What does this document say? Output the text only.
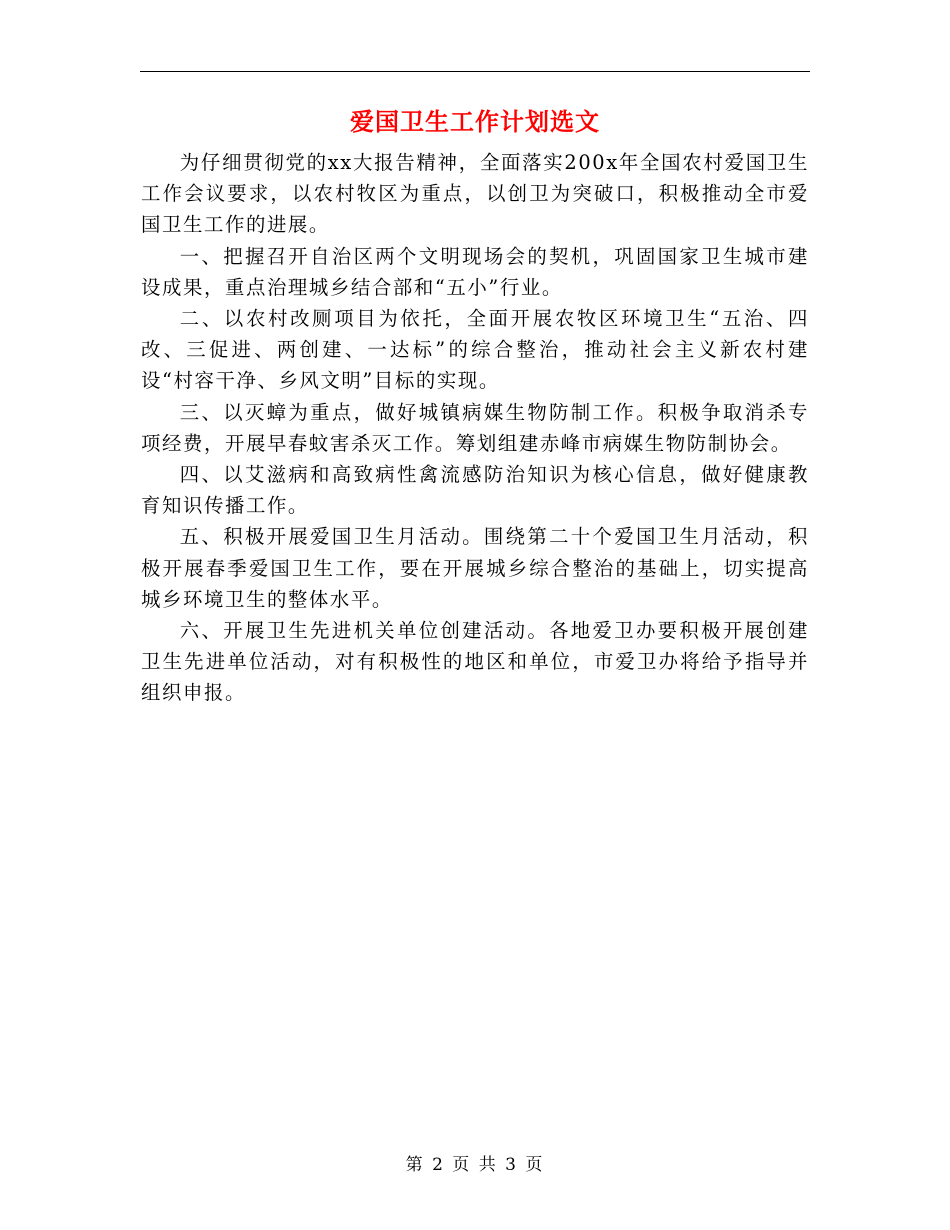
爱国卫生工作计划选文

为仔细贯彻党的xx大报告精神，全面落实200x年全国农村爱国卫生工作会议要求，以农村牧区为重点，以创卫为突破口，积极推动全市爱国卫生工作的进展。

一、把握召开自治区两个文明现场会的契机，巩固国家卫生城市建设成果，重点治理城乡结合部和“五小”行业。

二、以农村改厕项目为依托，全面开展农牧区环境卫生“五治、四改、三促进、两创建、一达标”的综合整治，推动社会主义新农村建设“村容干净、乡风文明”目标的实现。

三、以灭蟑为重点，做好城镇病媒生物防制工作。积极争取消杀专项经费，开展早春蚊害杀灭工作。筹划组建赤峰市病媒生物防制协会。

四、以艾滋病和高致病性禽流感防治知识为核心信息，做好健康教育知识传播工作。

五、积极开展爱国卫生月活动。围绕第二十个爱国卫生月活动，积极开展春季爱国卫生工作，要在开展城乡综合整治的基础上，切实提高城乡环境卫生的整体水平。

六、开展卫生先进机关单位创建活动。各地爱卫办要积极开展创建卫生先进单位活动，对有积极性的地区和单位，市爱卫办将给予指导并组织申报。

第 2 页 共 3 页
